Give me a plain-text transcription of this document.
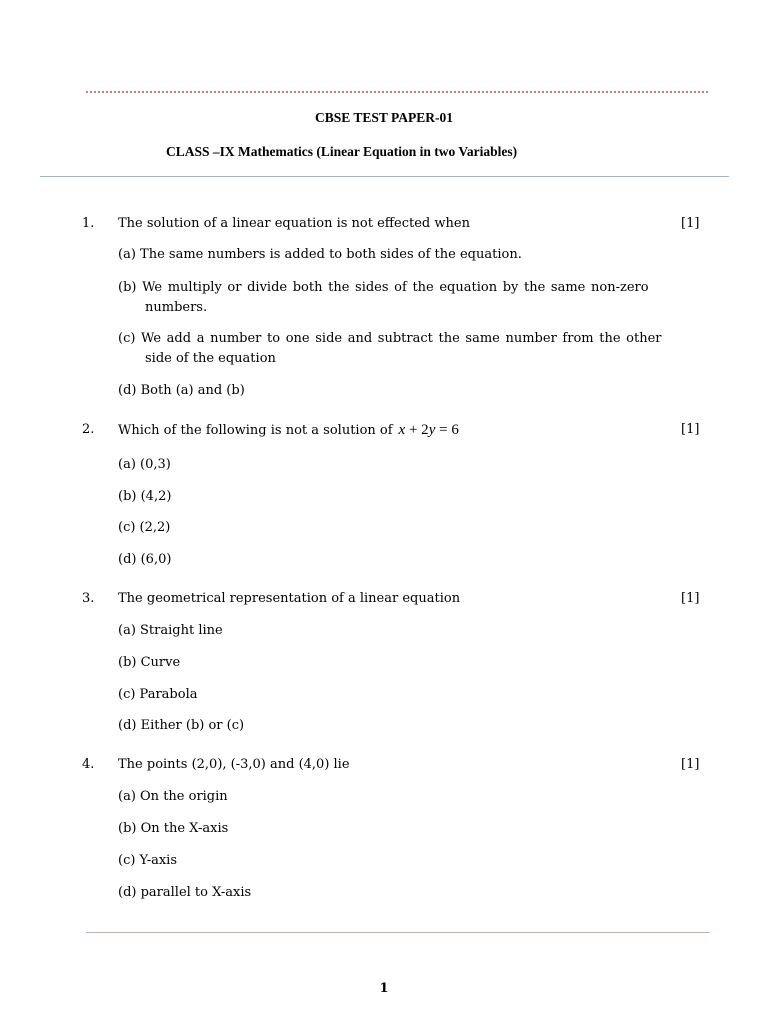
CBSE TEST PAPER-01
CLASS –IX Mathematics (Linear Equation in two Variables)
1. The solution of a linear equation is not effected when	[1]
(a) The same numbers is added to both sides of the equation.
(b) We multiply or divide both the sides of the equation by the same non-zero
numbers.
(c) We add a number to one side and subtract the same number from the other
side of the equation
(d) Both (a) and (b)
2. Which of the following is not a solution of x + 2y = 6	[1]
(a) (0,3)
(b) (4,2)
(c) (2,2)
(d) (6,0)
3. The geometrical representation of a linear equation	[1]
(a) Straight line
(b) Curve
(c) Parabola
(d) Either (b) or (c)
4. The points (2,0), (-3,0) and (4,0) lie	[1]
(a) On the origin
(b) On the X-axis
(c) Y-axis
(d) parallel to X-axis
1
